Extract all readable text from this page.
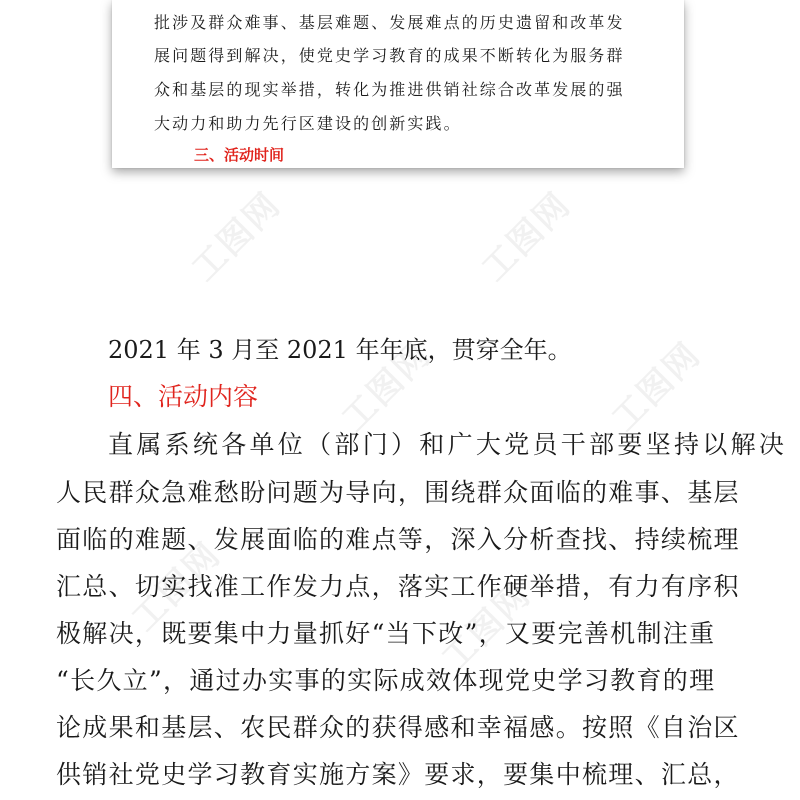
工图网	工图网
工图网	工图网
工图网	工图网
批涉及群众难事、基层难题、发展难点的历史遗留和改革发
展问题得到解决，使党史学习教育的成果不断转化为服务群
众和基层的现实举措，转化为推进供销社综合改革发展的强
大动力和助力先行区建设的创新实践。
三、活动时间
2021 年 3 月至 2021 年年底，贯穿全年。
四、活动内容
直属系统各单位（部门）和广大党员干部要坚持以解决
人民群众急难愁盼问题为导向，围绕群众面临的难事、基层
面临的难题、发展面临的难点等，深入分析查找、持续梳理
汇总、切实找准工作发力点，落实工作硬举措，有力有序积
极解决，既要集中力量抓好“当下改”，又要完善机制注重
“长久立”，通过办实事的实际成效体现党史学习教育的理
论成果和基层、农民群众的获得感和幸福感。按照《自治区
供销社党史学习教育实施方案》要求，要集中梳理、汇总，
